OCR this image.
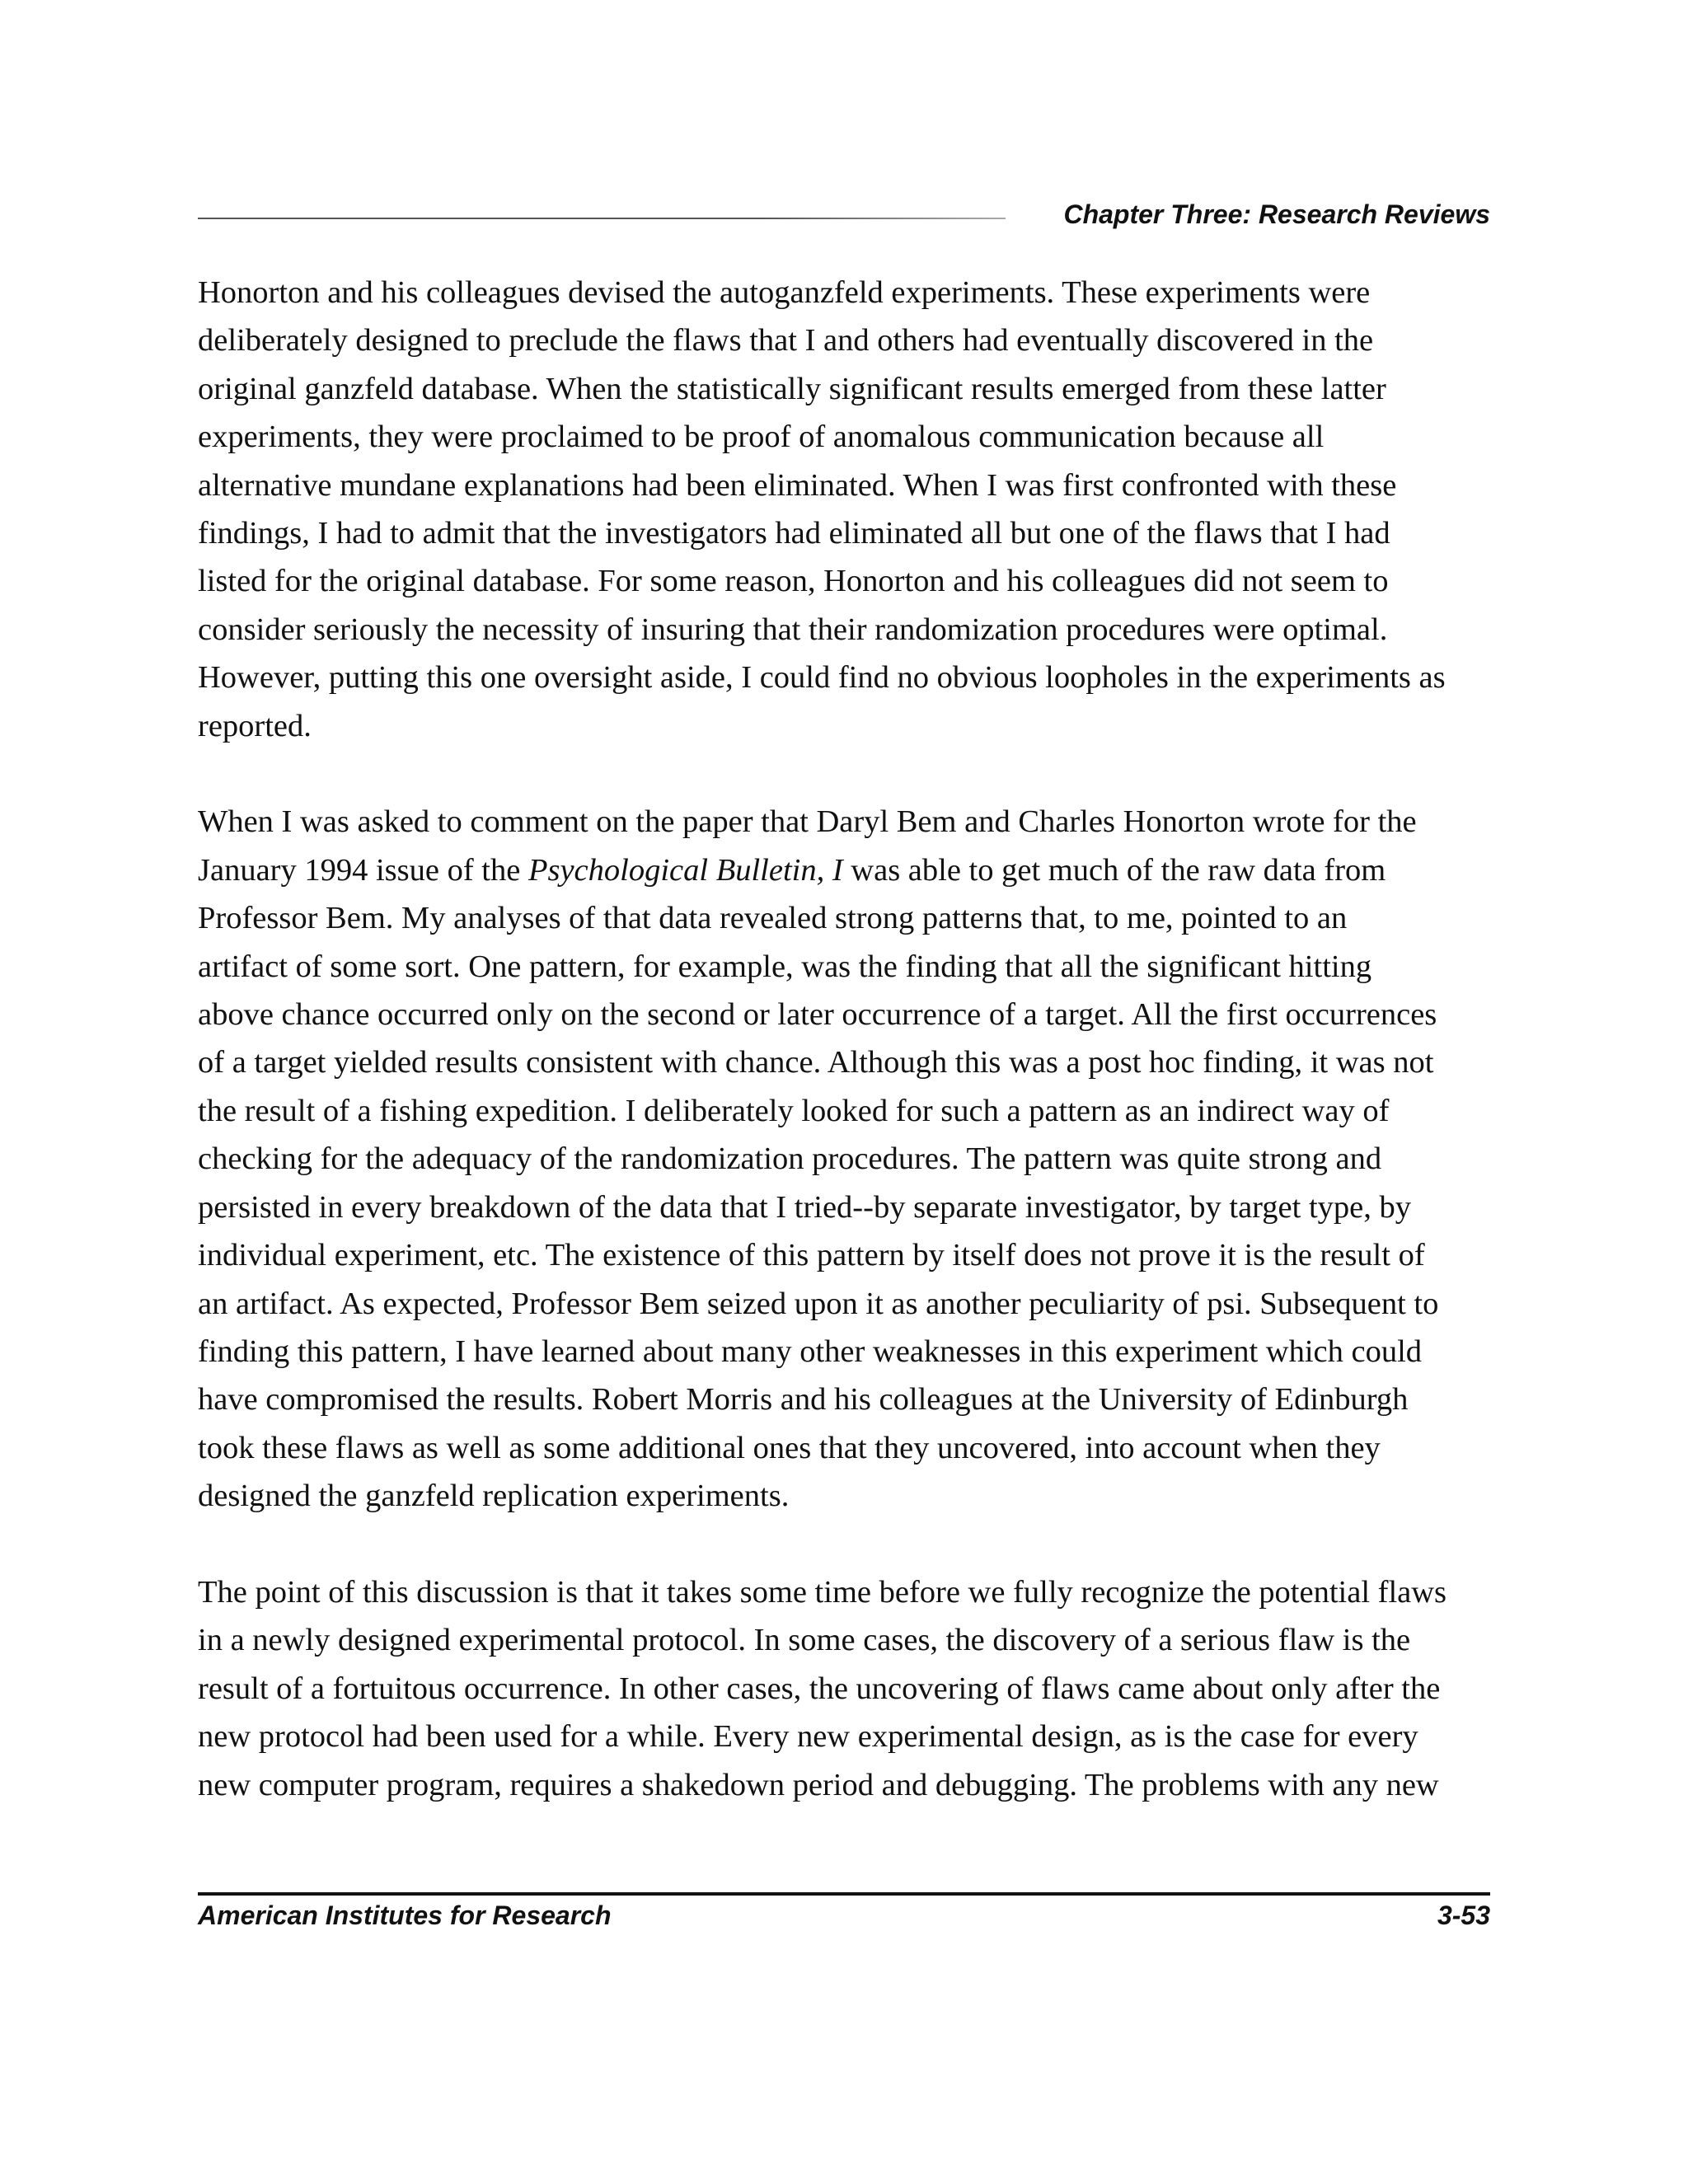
Chapter Three: Research Reviews

Honorton and his colleagues devised the autoganzfeld experiments. These experiments were
deliberately designed to preclude the flaws that I and others had eventually discovered in the
original ganzfeld database. When the statistically significant results emerged from these latter
experiments, they were proclaimed to be proof of anomalous communication because all
alternative mundane explanations had been eliminated. When I was first confronted with these
findings, I had to admit that the investigators had eliminated all but one of the flaws that I had
listed for the original database. For some reason, Honorton and his colleagues did not seem to
consider seriously the necessity of insuring that their randomization procedures were optimal.
However, putting this one oversight aside, I could find no obvious loopholes in the experiments as
reported.

When I was asked to comment on the paper that Daryl Bem and Charles Honorton wrote for the
January 1994 issue of the Psychological Bulletin, I was able to get much of the raw data from
Professor Bem. My analyses of that data revealed strong patterns that, to me, pointed to an
artifact of some sort. One pattern, for example, was the finding that all the significant hitting
above chance occurred only on the second or later occurrence of a target. All the first occurrences
of a target yielded results consistent with chance. Although this was a post hoc finding, it was not
the result of a fishing expedition. I deliberately looked for such a pattern as an indirect way of
checking for the adequacy of the randomization procedures. The pattern was quite strong and
persisted in every breakdown of the data that I tried--by separate investigator, by target type, by
individual experiment, etc. The existence of this pattern by itself does not prove it is the result of
an artifact. As expected, Professor Bem seized upon it as another peculiarity of psi. Subsequent to
finding this pattern, I have learned about many other weaknesses in this experiment which could
have compromised the results. Robert Morris and his colleagues at the University of Edinburgh
took these flaws as well as some additional ones that they uncovered, into account when they
designed the ganzfeld replication experiments.

The point of this discussion is that it takes some time before we fully recognize the potential flaws
in a newly designed experimental protocol. In some cases, the discovery of a serious flaw is the
result of a fortuitous occurrence. In other cases, the uncovering of flaws came about only after the
new protocol had been used for a while. Every new experimental design, as is the case for every
new computer program, requires a shakedown period and debugging. The problems with any new

American Institutes for Research	3-53
